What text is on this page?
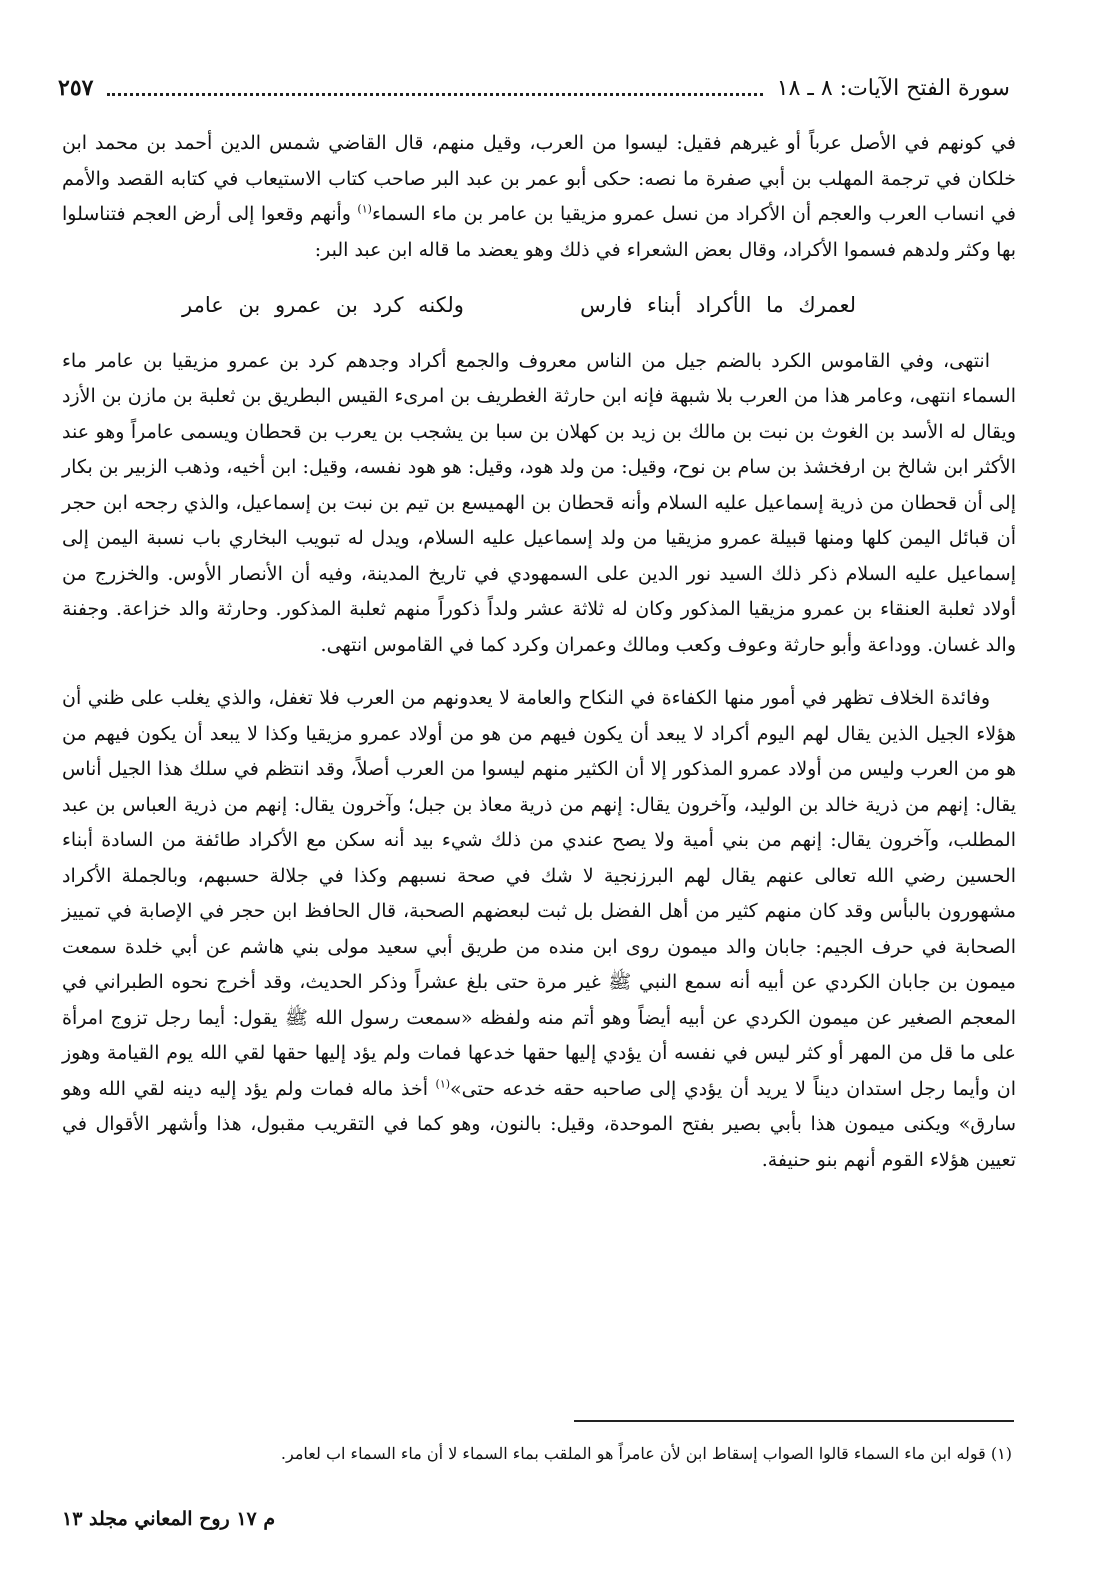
سورة الفتح الآيات: ٨ ـ ١٨
٢٥٧

في كونهم في الأصل عرباً أو غيرهم فقيل: ليسوا من العرب، وقيل منهم، قال القاضي شمس الدين أحمد بن محمد ابن خلكان في ترجمة المهلب بن أبي صفرة ما نصه: حكى أبو عمر بن عبد البر صاحب كتاب الاستيعاب في كتابه القصد والأمم في انساب العرب والعجم أن الأكراد من نسل عمرو مزيقيا بن عامر بن ماء السماء$^{(١)}$ وأنهم وقعوا إلى أرض العجم فتناسلوا بها وكثر ولدهم فسموا الأكراد، وقال بعض الشعراء في ذلك وهو يعضد ما قاله ابن عبد البر:

لعمرك ما الأكراد أبناء فارس
ولكنه كرد بن عمرو بن عامر

انتهى، وفي القاموس الكرد بالضم جيل من الناس معروف والجمع أكراد وجدهم كرد بن عمرو مزيقيا بن عامر ماء السماء انتهى، وعامر هذا من العرب بلا شبهة فإنه ابن حارثة الغطريف بن امرىء القيس البطريق بن ثعلبة بن مازن بن الأزد ويقال له الأسد بن الغوث بن نبت بن مالك بن زيد بن كهلان بن سبا بن يشجب بن يعرب بن قحطان ويسمى عامراً وهو عند الأكثر ابن شالخ بن ارفخشذ بن سام بن نوح، وقيل: من ولد هود، وقيل: هو هود نفسه، وقيل: ابن أخيه، وذهب الزبير بن بكار إلى أن قحطان من ذرية إسماعيل عليه السلام وأنه قحطان بن الهميسع بن تيم بن نبت بن إسماعيل، والذي رجحه ابن حجر أن قبائل اليمن كلها ومنها قبيلة عمرو مزيقيا من ولد إسماعيل عليه السلام، ويدل له تبويب البخاري باب نسبة اليمن إلى إسماعيل عليه السلام ذكر ذلك السيد نور الدين على السمهودي في تاريخ المدينة، وفيه أن الأنصار الأوس. والخزرج من أولاد ثعلبة العنقاء بن عمرو مزيقيا المذكور وكان له ثلاثة عشر ولداً ذكوراً منهم ثعلبة المذكور. وحارثة والد خزاعة. وجفنة والد غسان. ووداعة وأبو حارثة وعوف وكعب ومالك وعمران وكرد كما في القاموس انتهى.

وفائدة الخلاف تظهر في أمور منها الكفاءة في النكاح والعامة لا يعدونهم من العرب فلا تغفل، والذي يغلب على ظني أن هؤلاء الجيل الذين يقال لهم اليوم أكراد لا يبعد أن يكون فيهم من هو من أولاد عمرو مزيقيا وكذا لا يبعد أن يكون فيهم من هو من العرب وليس من أولاد عمرو المذكور إلا أن الكثير منهم ليسوا من العرب أصلاً، وقد انتظم في سلك هذا الجيل أناس يقال: إنهم من ذرية خالد بن الوليد، وآخرون يقال: إنهم من ذرية معاذ بن جبل؛ وآخرون يقال: إنهم من ذرية العباس بن عبد المطلب، وآخرون يقال: إنهم من بني أمية ولا يصح عندي من ذلك شيء بيد أنه سكن مع الأكراد طائفة من السادة أبناء الحسين رضي الله تعالى عنهم يقال لهم البرزنجية لا شك في صحة نسبهم وكذا في جلالة حسبهم، وبالجملة الأكراد مشهورون بالبأس وقد كان منهم كثير من أهل الفضل بل ثبت لبعضهم الصحبة، قال الحافظ ابن حجر في الإصابة في تمييز الصحابة في حرف الجيم: جابان والد ميمون روى ابن منده من طريق أبي سعيد مولى بني هاشم عن أبي خلدة سمعت ميمون بن جابان الكردي عن أبيه أنه سمع النبي ﷺ غير مرة حتى بلغ عشراً وذكر الحديث، وقد أخرج نحوه الطبراني في المعجم الصغير عن ميمون الكردي عن أبيه أيضاً وهو أتم منه ولفظه «سمعت رسول الله ﷺ يقول: أيما رجل تزوج امرأة على ما قل من المهر أو كثر ليس في نفسه أن يؤدي إليها حقها خدعها فمات ولم يؤد إليها حقها لقي الله يوم القيامة وهوز ان وأيما رجل استدان ديناً لا يريد أن يؤدي إلى صاحبه حقه خدعه حتى»$^{(١)}$ أخذ ماله فمات ولم يؤد إليه دينه لقي الله وهو سارق» ويكنى ميمون هذا بأبي بصير بفتح الموحدة، وقيل: بالنون، وهو كما في التقريب مقبول، هذا وأشهر الأقوال في تعيين هؤلاء القوم أنهم بنو حنيفة.

(١) قوله ابن ماء السماء قالوا الصواب إسقاط ابن لأن عامراً هو الملقب بماء السماء لا أن ماء السماء اب لعامر.
م ١٧ روح المعاني مجلد ١٣
